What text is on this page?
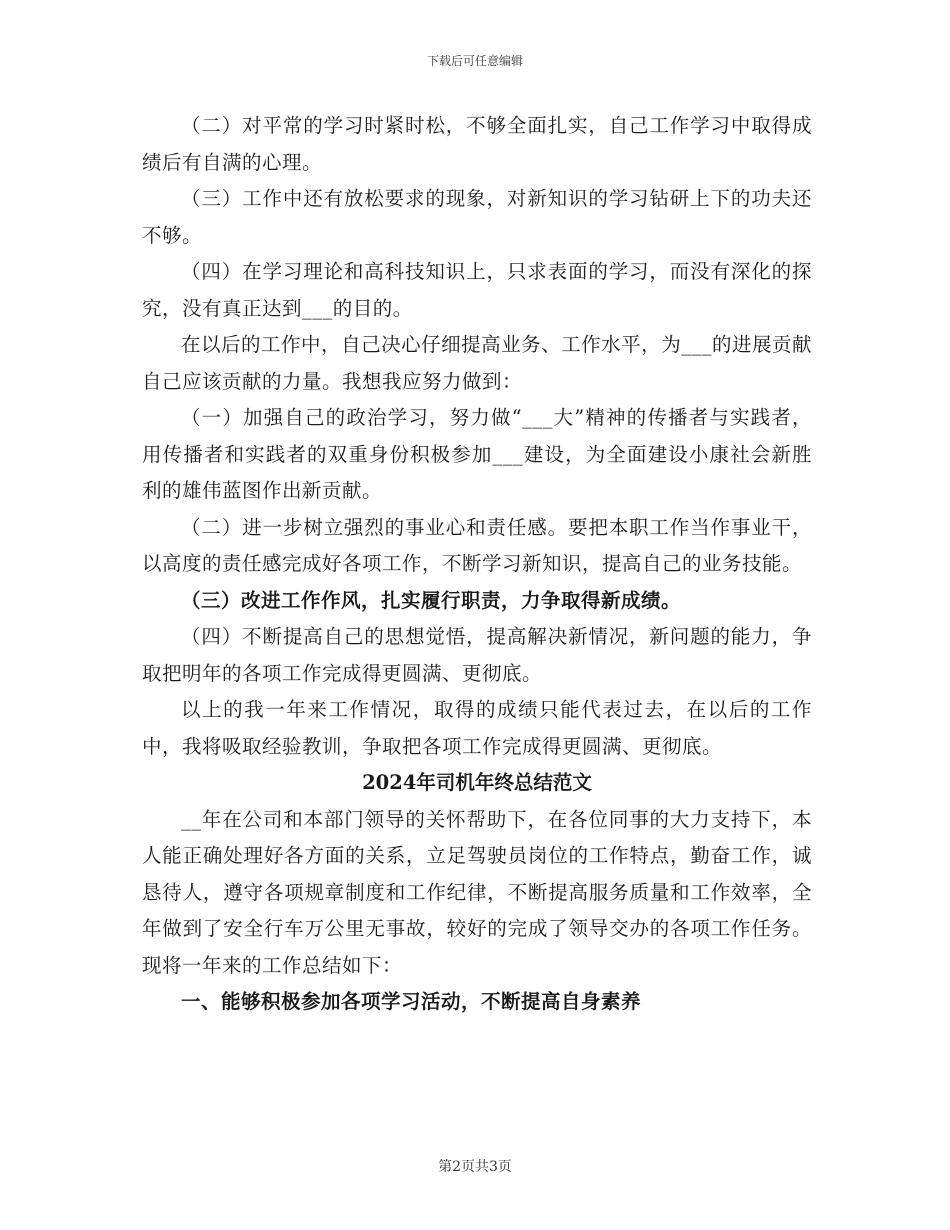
下载后可任意编辑

（二）对平常的学习时紧时松，不够全面扎实，自己工作学习中取得成绩后有自满的心理。

（三）工作中还有放松要求的现象，对新知识的学习钻研上下的功夫还不够。

（四）在学习理论和高科技知识上，只求表面的学习，而没有深化的探究，没有真正达到___的目的。

在以后的工作中，自己决心仔细提高业务、工作水平，为___的进展贡献自己应该贡献的力量。我想我应努力做到：

（一）加强自己的政治学习，努力做“___大”精神的传播者与实践者，用传播者和实践者的双重身份积极参加___建设，为全面建设小康社会新胜利的雄伟蓝图作出新贡献。

（二）进一步树立强烈的事业心和责任感。要把本职工作当作事业干，以高度的责任感完成好各项工作，不断学习新知识，提高自己的业务技能。

（三）改进工作作风，扎实履行职责，力争取得新成绩。

（四）不断提高自己的思想觉悟，提高解决新情况，新问题的能力，争取把明年的各项工作完成得更圆满、更彻底。

以上的我一年来工作情况，取得的成绩只能代表过去，在以后的工作中，我将吸取经验教训，争取把各项工作完成得更圆满、更彻底。

2024年司机年终总结范文

__年在公司和本部门领导的关怀帮助下，在各位同事的大力支持下，本人能正确处理好各方面的关系，立足驾驶员岗位的工作特点，勤奋工作，诚恳待人，遵守各项规章制度和工作纪律，不断提高服务质量和工作效率，全年做到了安全行车万公里无事故，较好的完成了领导交办的各项工作任务。现将一年来的工作总结如下：

一、能够积极参加各项学习活动，不断提高自身素养

第2页共3页
